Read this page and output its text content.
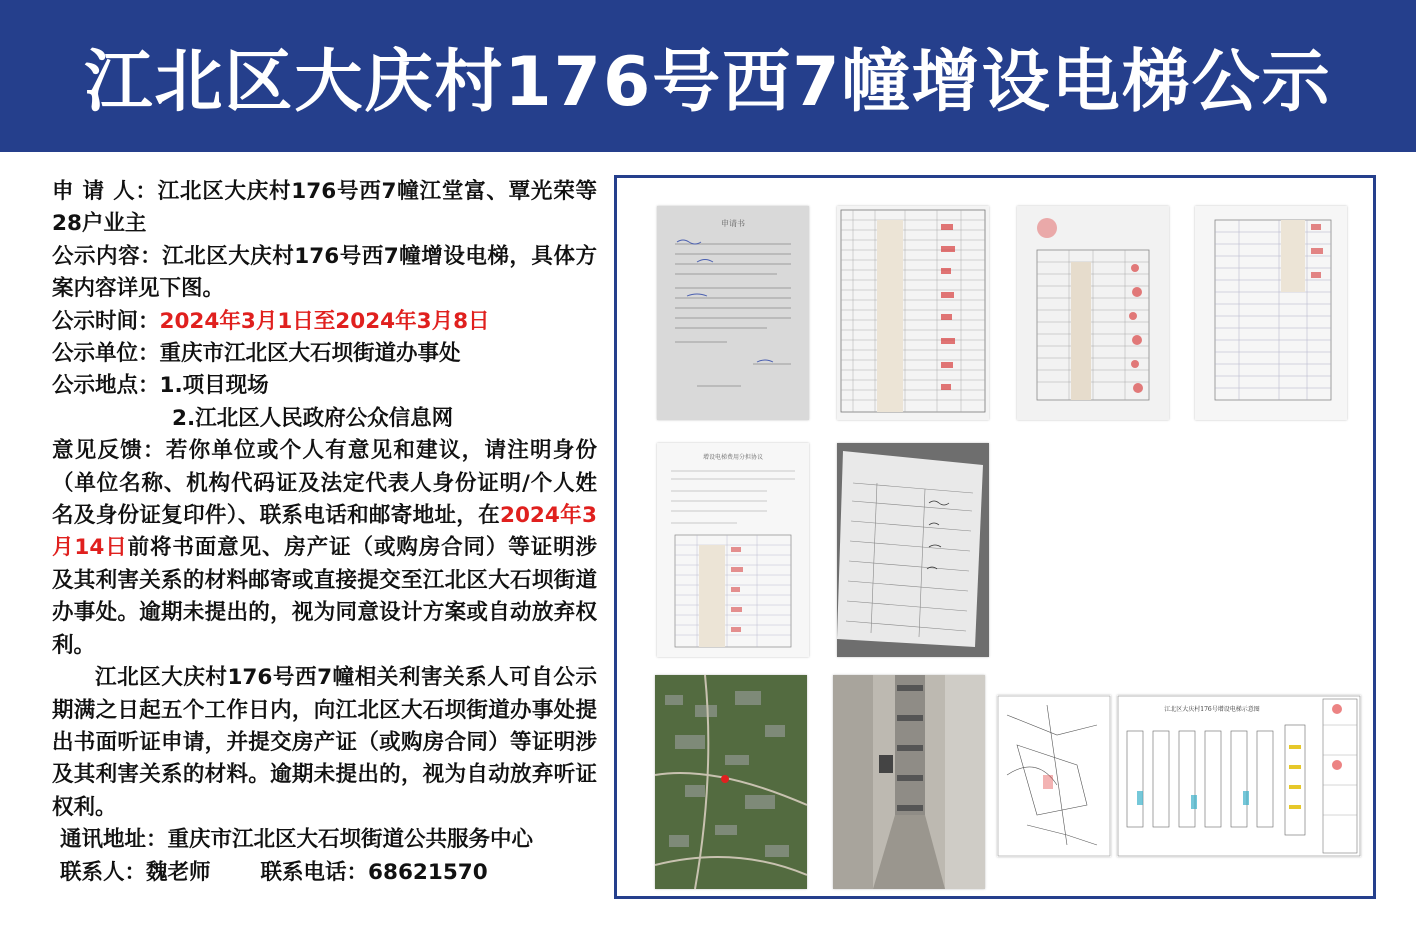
江北区大庆村176号西7幢增设电梯公示

申 请 人：江北区大庆村176号西7幢江堂富、覃光荣等28户业主

公示内容：江北区大庆村176号西7幢增设电梯，具体方案内容详见下图。

公示时间：2024年3月1日至2024年3月8日

公示单位：重庆市江北区大石坝街道办事处

公示地点：1.项目现场

2.江北区人民政府公众信息网

意见反馈：若你单位或个人有意见和建议，请注明身份（单位名称、机构代码证及法定代表人身份证明/个人姓名及身份证复印件）、联系电话和邮寄地址，在2024年3月14日前将书面意见、房产证（或购房合同）等证明涉及其利害关系的材料邮寄或直接提交至江北区大石坝街道办事处。逾期未提出的，视为同意设计方案或自动放弃权利。

江北区大庆村176号西7幢相关利害关系人可自公示期满之日起五个工作日内，向江北区大石坝街道办事处提出书面听证申请，并提交房产证（或购房合同）等证明涉及其利害关系的材料。逾期未提出的，视为自动放弃听证权利。

通讯地址：重庆市江北区大石坝街道公共服务中心

联系人：魏老师 联系电话：68621570

申请书
增设电梯费用分担协议
江北区大庆村176号增设电梯示意图
